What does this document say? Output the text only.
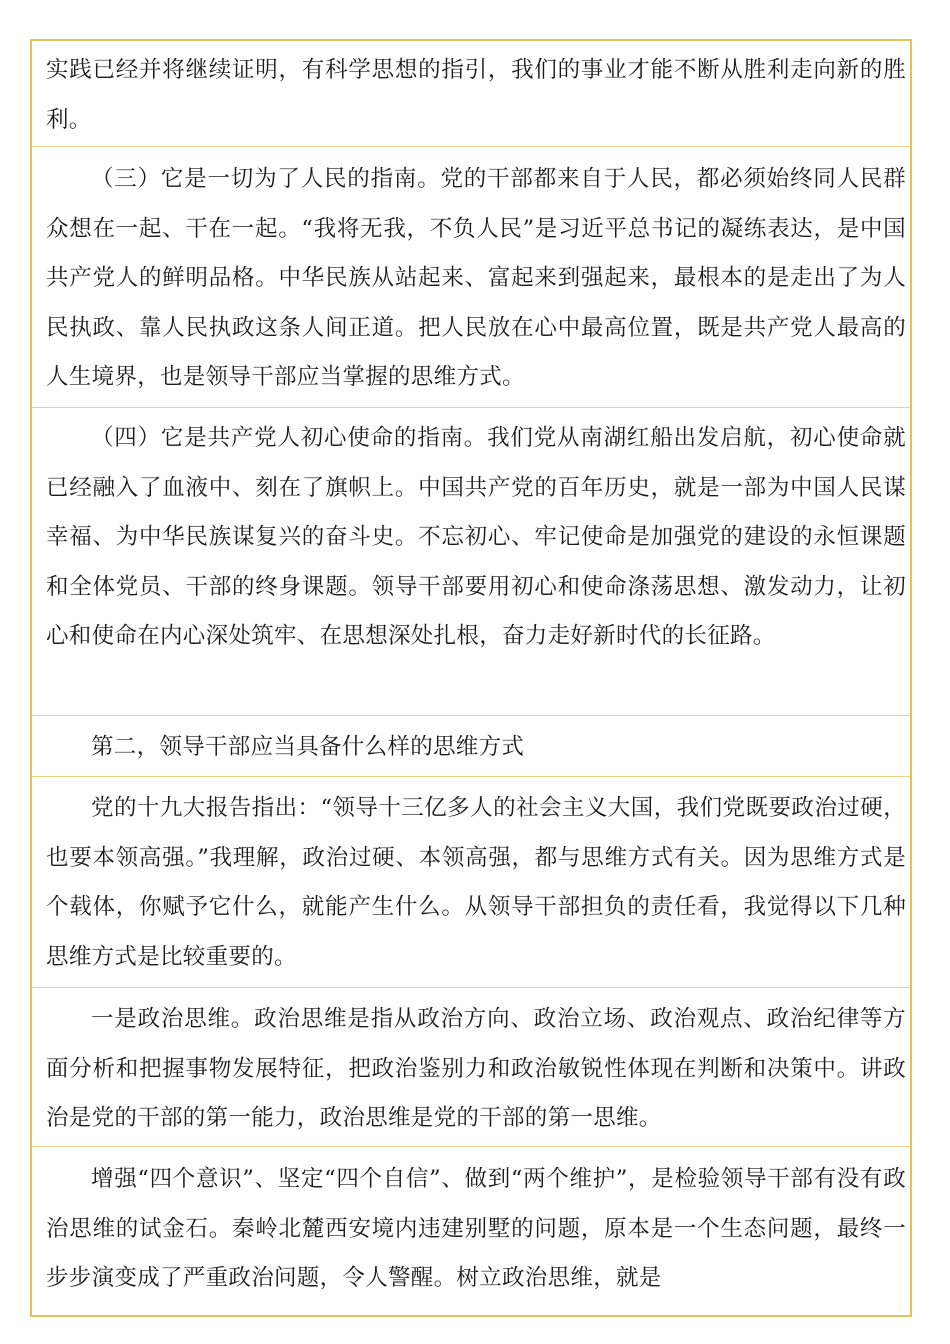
实践已经并将继续证明，有科学思想的指引，我们的事业才能不断从胜利走向新的胜利。

（三）它是一切为了人民的指南。党的干部都来自于人民，都必须始终同人民群众想在一起、干在一起。“我将无我，不负人民”是习近平总书记的凝练表达，是中国共产党人的鲜明品格。中华民族从站起来、富起来到强起来，最根本的是走出了为人民执政、靠人民执政这条人间正道。把人民放在心中最高位置，既是共产党人最高的人生境界，也是领导干部应当掌握的思维方式。

（四）它是共产党人初心使命的指南。我们党从南湖红船出发启航，初心使命就已经融入了血液中、刻在了旗帜上。中国共产党的百年历史，就是一部为中国人民谋幸福、为中华民族谋复兴的奋斗史。不忘初心、牢记使命是加强党的建设的永恒课题和全体党员、干部的终身课题。领导干部要用初心和使命涤荡思想、激发动力，让初心和使命在内心深处筑牢、在思想深处扎根，奋力走好新时代的长征路。

第二，领导干部应当具备什么样的思维方式

党的十九大报告指出：“领导十三亿多人的社会主义大国，我们党既要政治过硬，也要本领高强。”我理解，政治过硬、本领高强，都与思维方式有关。因为思维方式是个载体，你赋予它什么，就能产生什么。从领导干部担负的责任看，我觉得以下几种思维方式是比较重要的。

一是政治思维。政治思维是指从政治方向、政治立场、政治观点、政治纪律等方面分析和把握事物发展特征，把政治鉴别力和政治敏锐性体现在判断和决策中。讲政治是党的干部的第一能力，政治思维是党的干部的第一思维。

增强“四个意识”、坚定“四个自信”、做到“两个维护”，是检验领导干部有没有政治思维的试金石。秦岭北麓西安境内违建别墅的问题，原本是一个生态问题，最终一步步演变成了严重政治问题，令人警醒。树立政治思维，就是
